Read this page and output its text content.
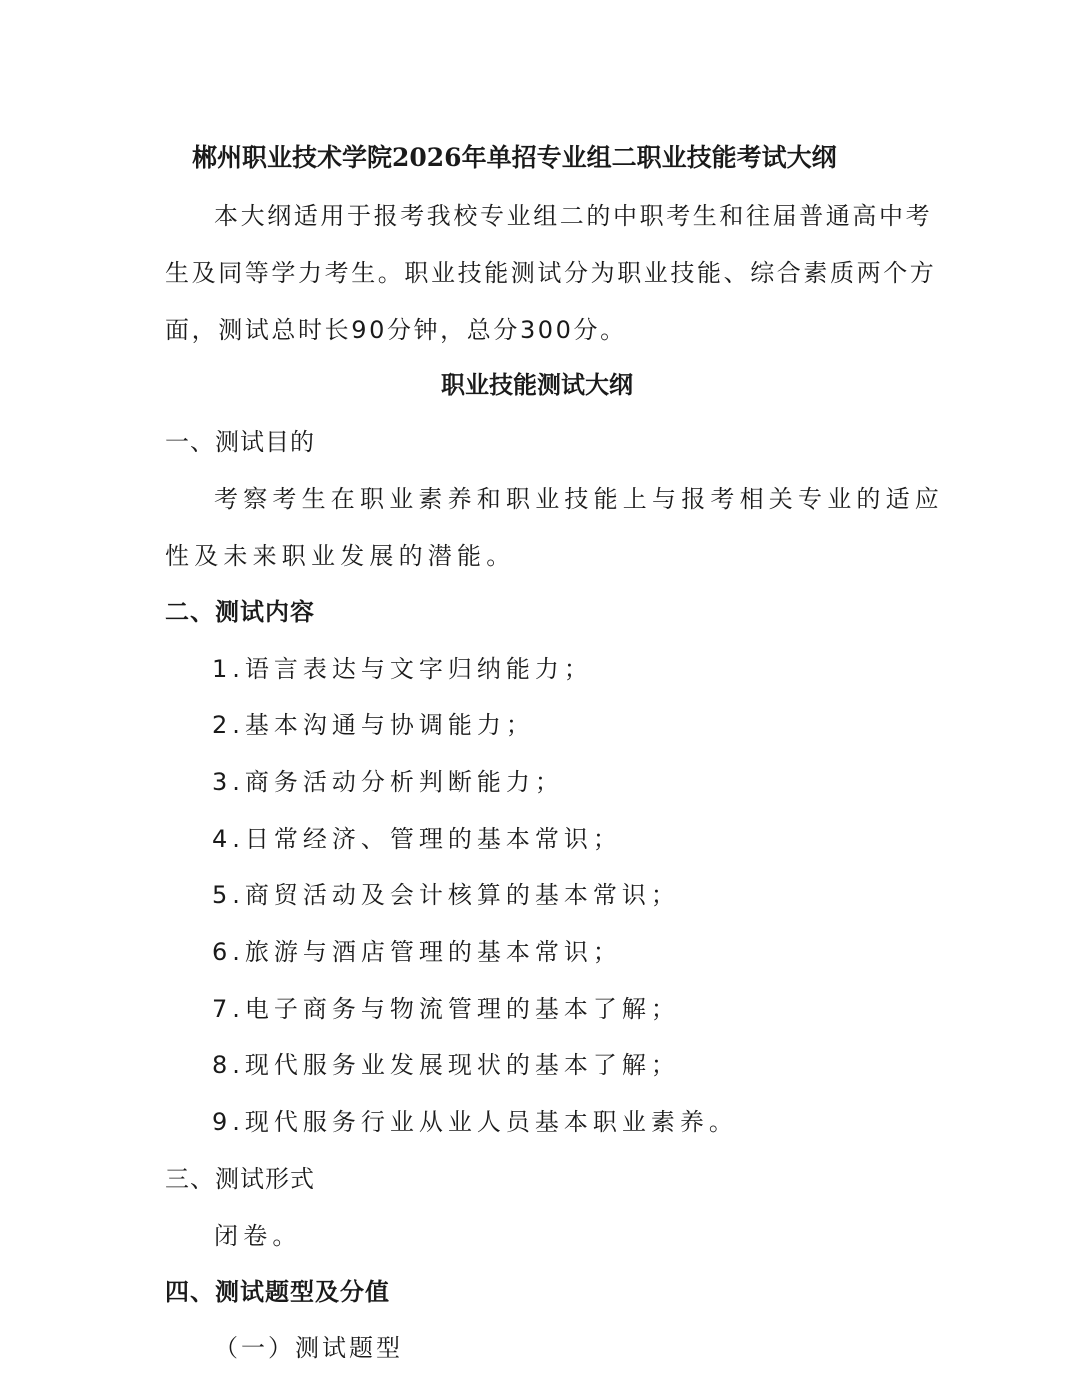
郴州职业技术学院2026年单招专业组二职业技能考试大纲
本大纲适用于报考我校专业组二的中职考生和往届普通高中考
生及同等学力考生。职业技能测试分为职业技能、综合素质两个方
面，测试总时长90分钟，总分300分。
职业技能测试大纲
一、测试目的
考察考生在职业素养和职业技能上与报考相关专业的适应
性及未来职业发展的潜能。
二、测试内容
1.语言表达与文字归纳能力；
2.基本沟通与协调能力；
3.商务活动分析判断能力；
4.日常经济、管理的基本常识；
5.商贸活动及会计核算的基本常识；
6.旅游与酒店管理的基本常识；
7.电子商务与物流管理的基本了解；
8.现代服务业发展现状的基本了解；
9.现代服务行业从业人员基本职业素养。
三、测试形式
闭卷。
四、测试题型及分值
（一）测试题型
